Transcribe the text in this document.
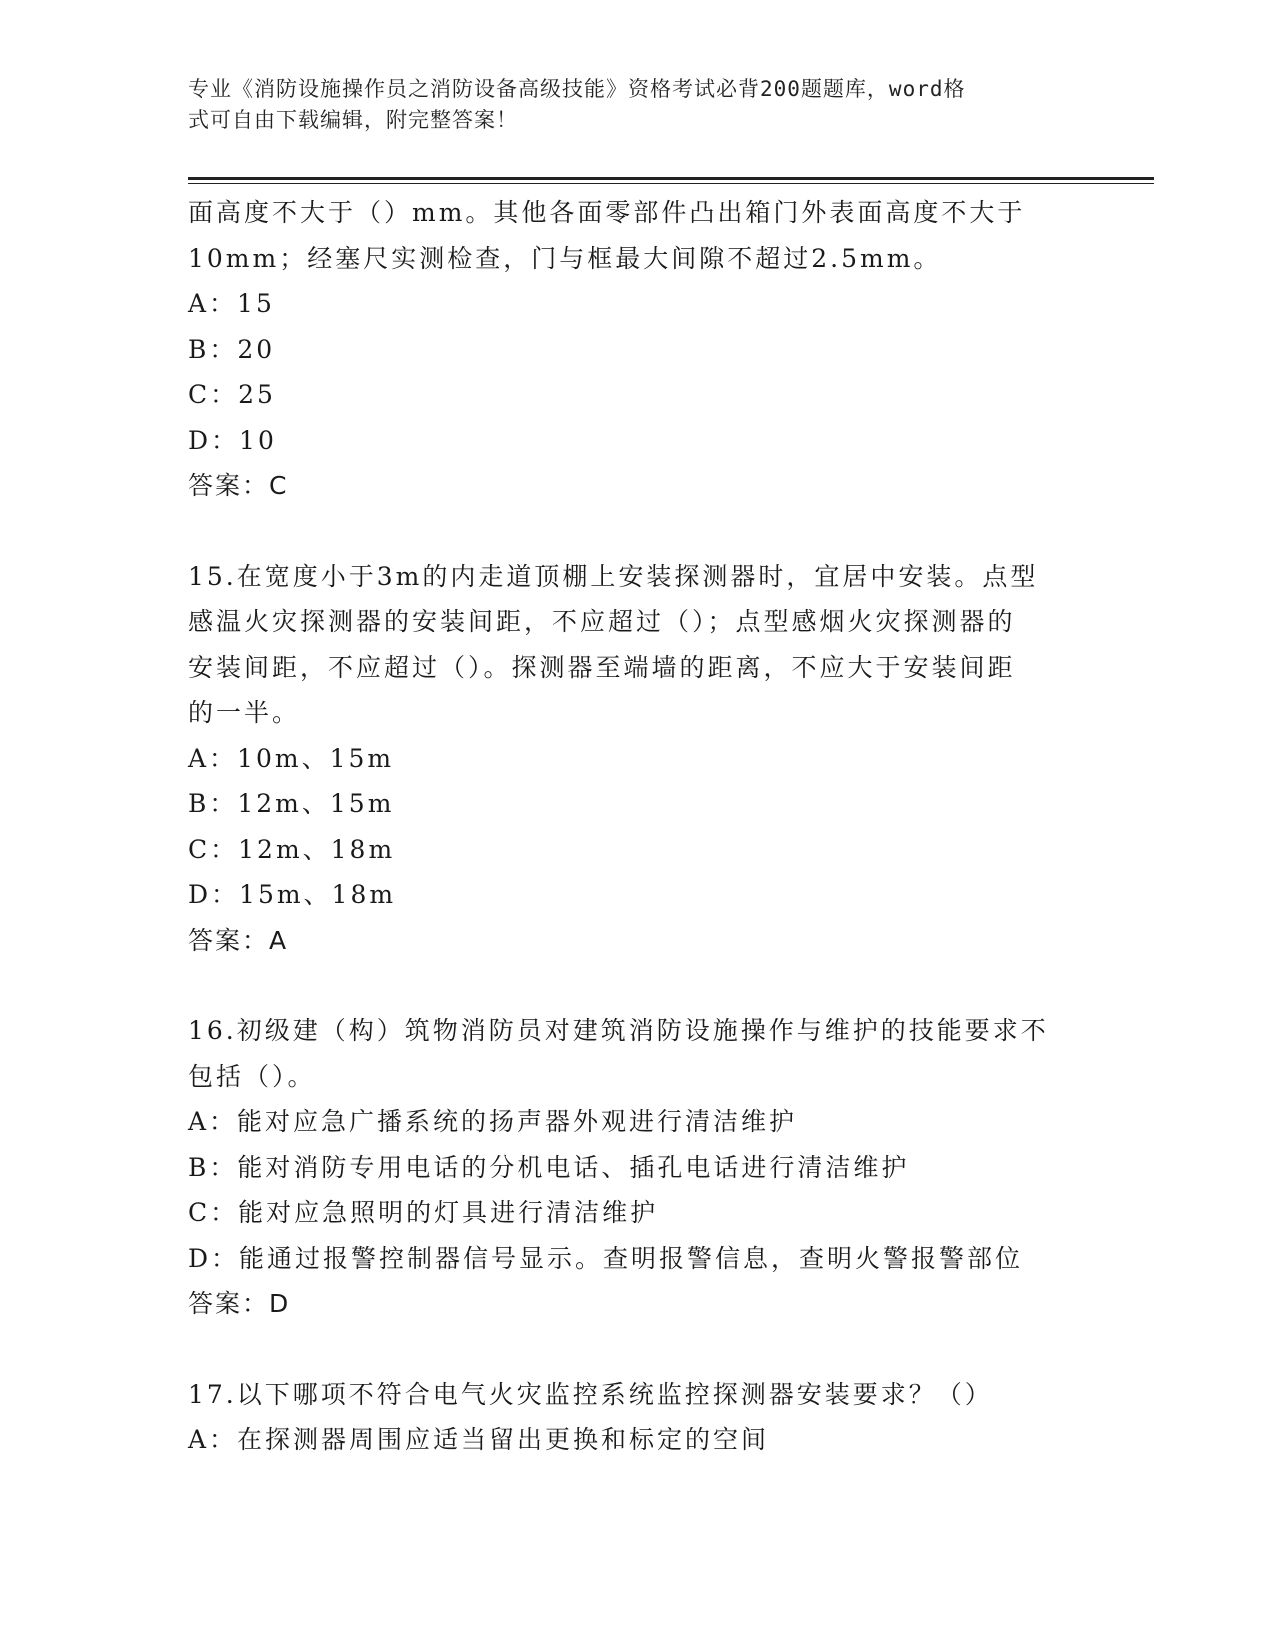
专业《消防设施操作员之消防设备高级技能》资格考试必背200题题库，word格
式可自由下载编辑，附完整答案！
面高度不大于（）mm。其他各面零部件凸出箱门外表面高度不大于
10mm；经塞尺实测检查，门与框最大间隙不超过2.5mm。
A：15
B：20
C：25
D：10
答案：C
15.在宽度小于3m的内走道顶棚上安装探测器时，宜居中安装。点型
感温火灾探测器的安装间距，不应超过（）；点型感烟火灾探测器的
安装间距，不应超过（）。探测器至端墙的距离，不应大于安装间距
的一半。
A：10m、15m
B：12m、15m
C：12m、18m
D：15m、18m
答案：A
16.初级建（构）筑物消防员对建筑消防设施操作与维护的技能要求不
包括（）。
A：能对应急广播系统的扬声器外观进行清洁维护
B：能对消防专用电话的分机电话、插孔电话进行清洁维护
C：能对应急照明的灯具进行清洁维护
D：能通过报警控制器信号显示。查明报警信息，查明火警报警部位
答案：D
17.以下哪项不符合电气火灾监控系统监控探测器安装要求？（）
A：在探测器周围应适当留出更换和标定的空间
